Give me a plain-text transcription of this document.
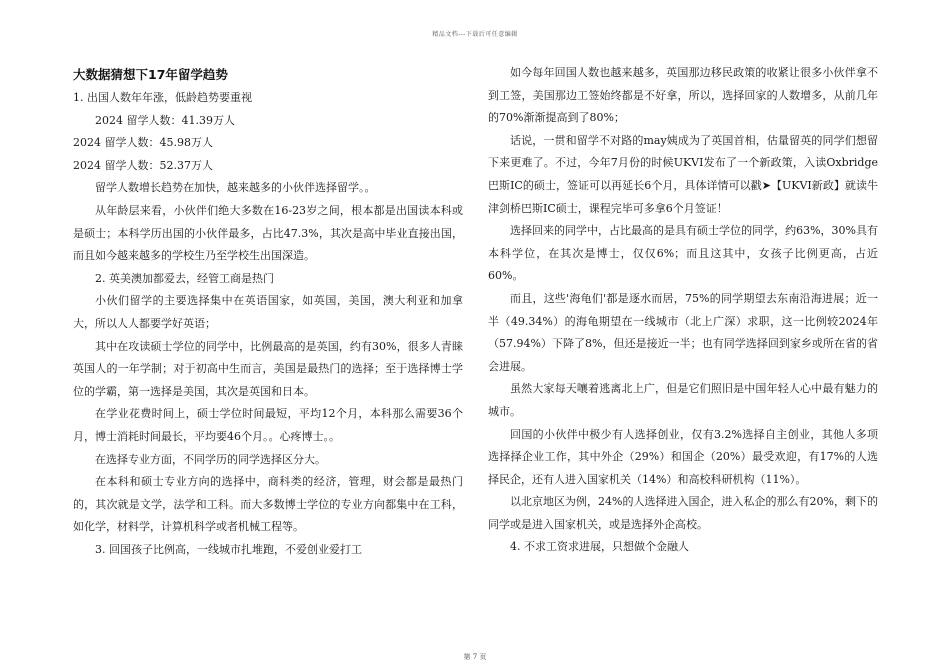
精品文档---下载后可任意编辑
大数据猜想下17年留学趋势

1. 出国人数年年涨，低龄趋势要重视

2024 留学人数：41.39万人

2024 留学人数：45.98万人

2024 留学人数：52.37万人

留学人数增长趋势在加快，越来越多的小伙伴选择留学。。

从年龄层来看，小伙伴们绝大多数在16-23岁之间，根本都是出国读本科或是硕士；本科学历出国的小伙伴最多，占比47.3%，其次是高中毕业直接出国，而且如今越来越多的学校生乃至学校生出国深造。

2. 英美澳加都爱去，经管工商是热门

小伙们留学的主要选择集中在英语国家，如英国，美国，澳大利亚和加拿大，所以人人都要学好英语；

其中在攻读硕士学位的同学中，比例最高的是英国，约有30%，很多人青睐英国人的一年学制；对于初高中生而言，美国是最热门的选择；至于选择博士学位的学霸，第一选择是美国，其次是英国和日本。

在学业花费时间上，硕士学位时间最短，平均12个月，本科那么需要36个月，博士消耗时间最长，平均要46个月。。心疼博士。。

在选择专业方面，不同学历的同学选择区分大。

在本科和硕士专业方向的选择中，商科类的经济，管理，财会都是最热门的，其次就是文学，法学和工科。而大多数博士学位的专业方向都集中在工科，如化学，材料学，计算机科学或者机械工程等。

3. 回国孩子比例高，一线城市扎堆跑，不爱创业爱打工

如今每年回国人数也越来越多，英国那边移民政策的收紧让很多小伙伴拿不到工签，美国那边工签始终都是不好拿，所以，选择回家的人数增多，从前几年的70%渐渐提高到了80%；

话说，一贯和留学不对路的may姨成为了英国首相，估量留英的同学们想留下来更难了。不过，今年7月份的时候UKVI发布了一个新政策，入读Oxbridge巴斯IC的硕士，签证可以再延长6个月，具体详情可以戳➤【UKVI新政】就读牛津剑桥巴斯IC硕士，课程完毕可多拿6个月签证！

选择回来的同学中，占比最高的是具有硕士学位的同学，约63%，30%具有本科学位，在其次是博士，仅仅6%；而且这其中，女孩子比例更高，占近60%。

而且，这些'海龟们'都是逐水而居，75%的同学期望去东南沿海进展；近一半（49.34%）的海龟期望在一线城市（北上广深）求职，这一比例较2024年（57.94%）下降了8%，但还是接近一半；也有同学选择回到家乡或所在省的省会进展。

虽然大家每天嚷着逃离北上广，但是它们照旧是中国年轻人心中最有魅力的城市。

回国的小伙伴中极少有人选择创业，仅有3.2%选择自主创业，其他人多项选择择企业工作，其中外企（29%）和国企（20%）最受欢迎，有17%的人选择民企，还有人进入国家机关（14%）和高校科研机构（11%）。

以北京地区为例，24%的人选择进入国企，进入私企的那么有20%，剩下的同学或是进入国家机关，或是选择外企高校。

4. 不求工资求进展，只想做个金融人

第 7 页
